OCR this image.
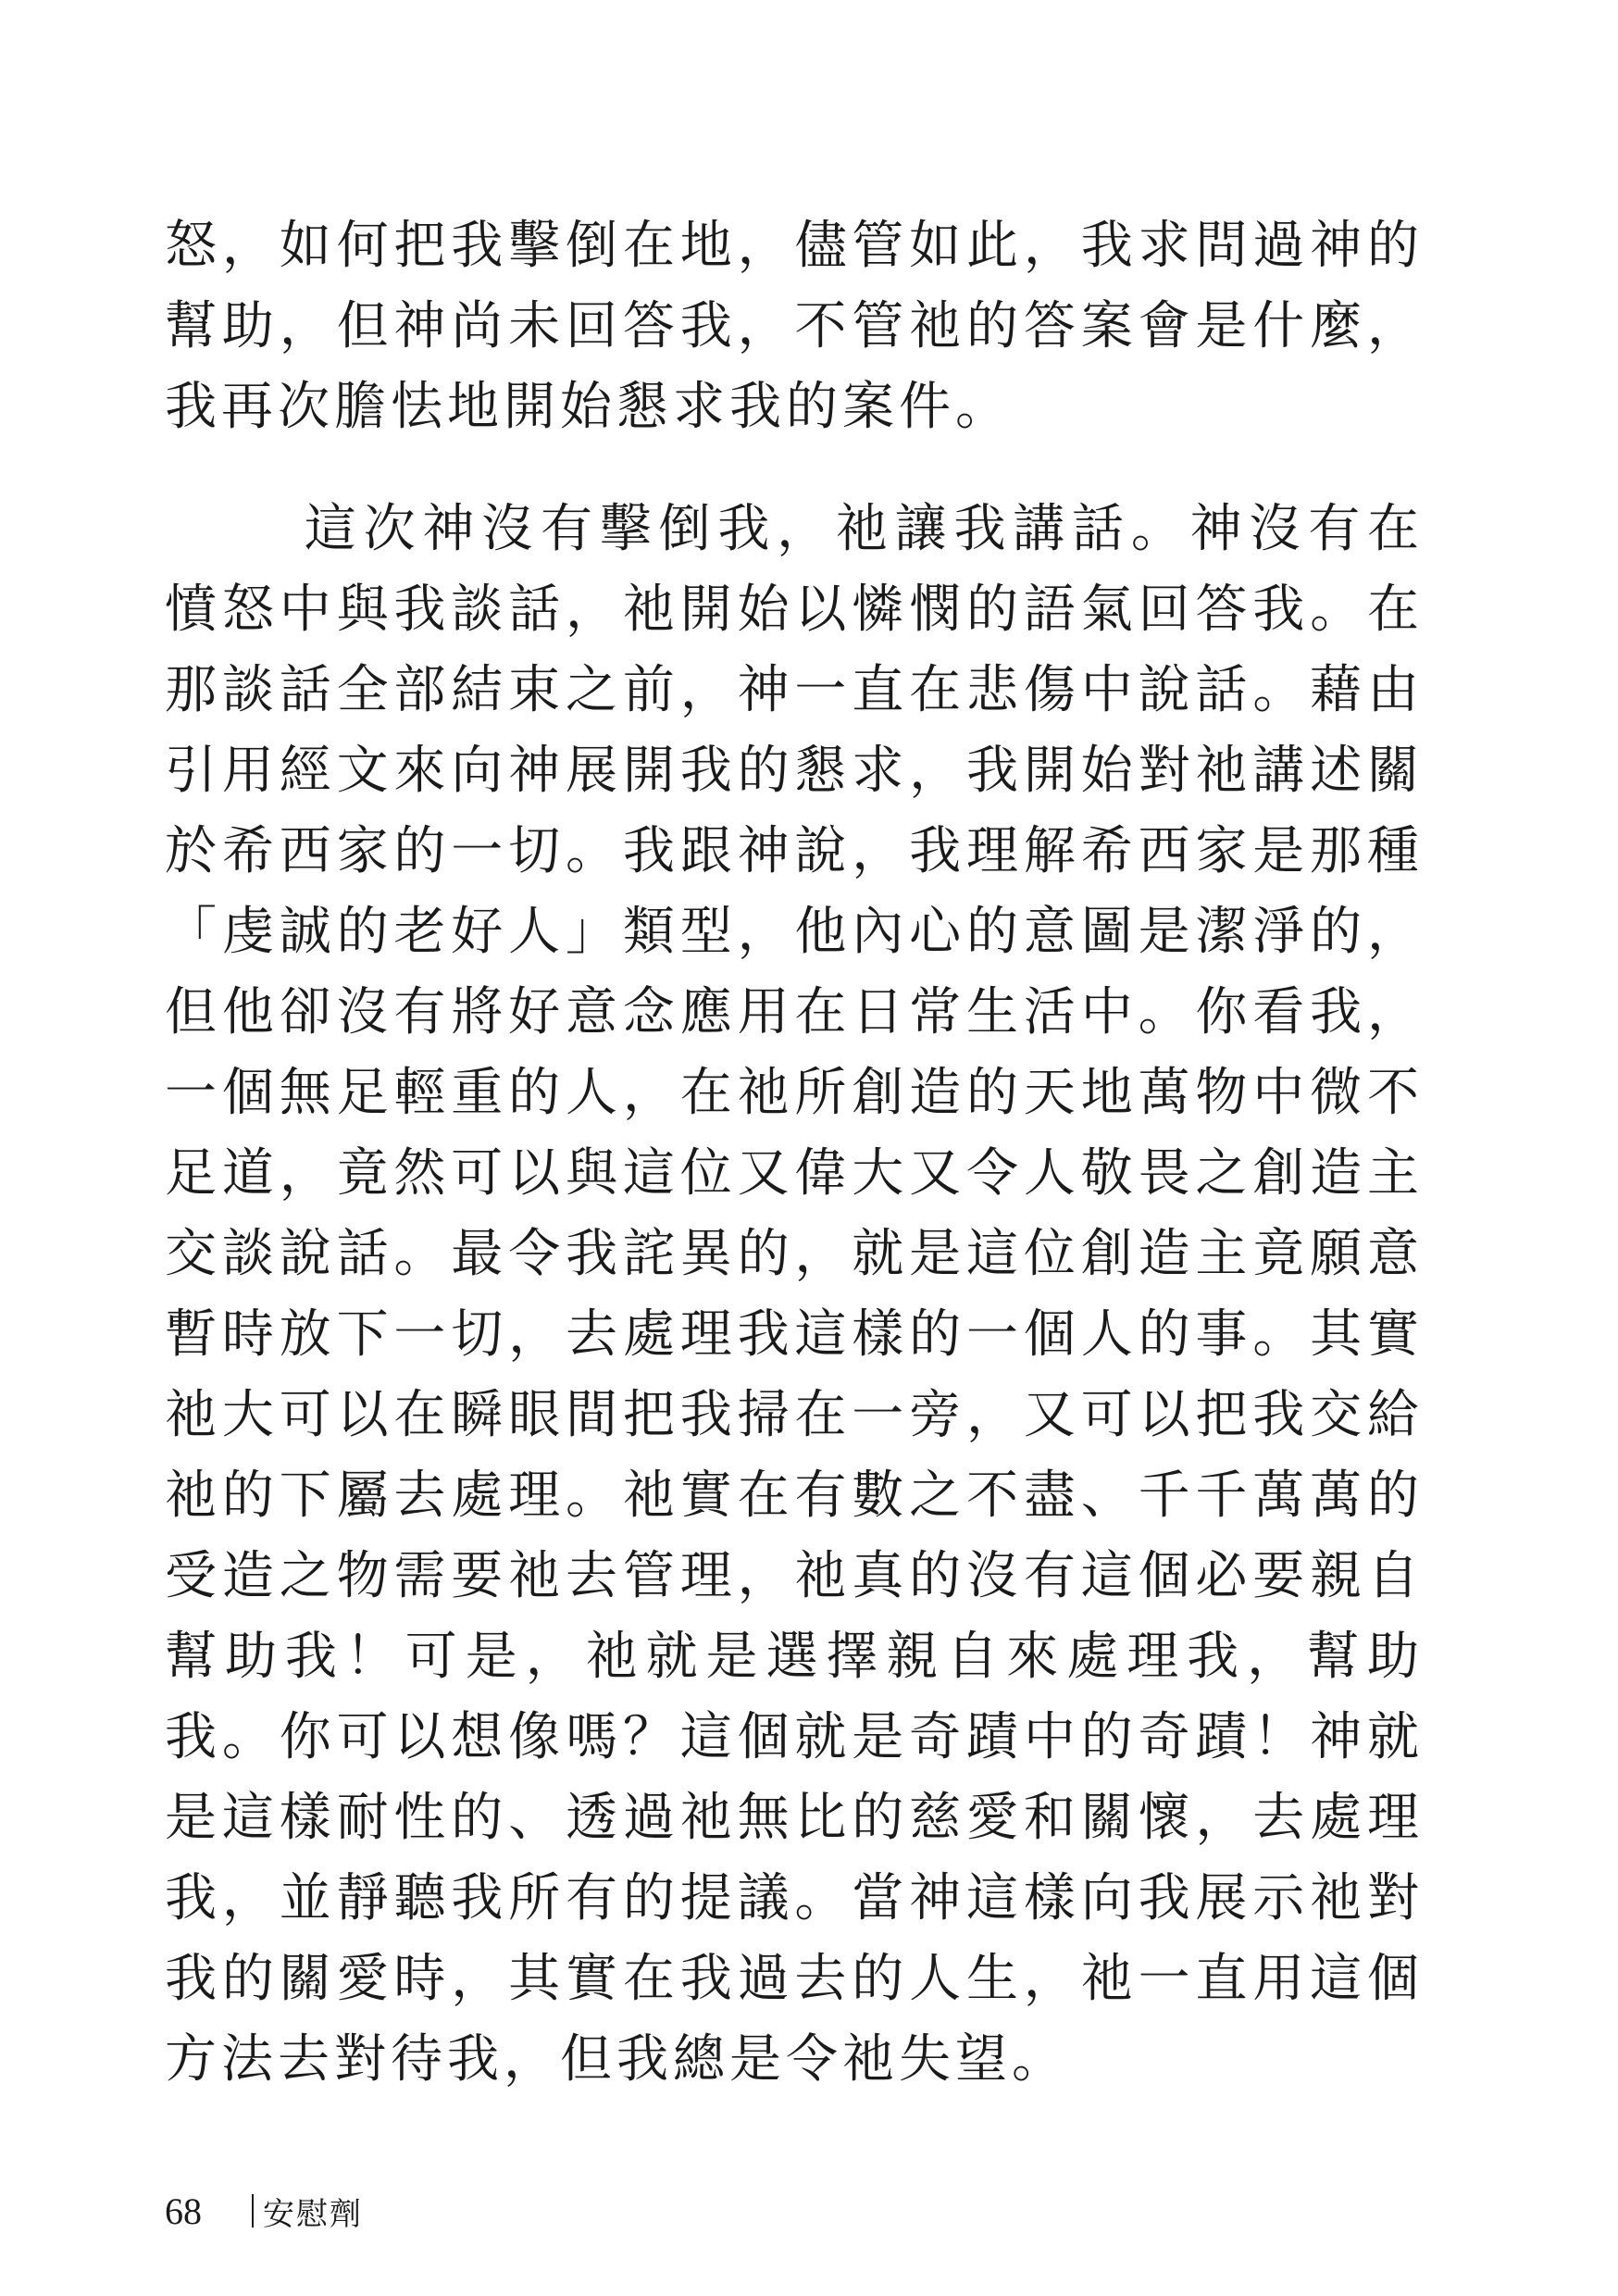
怒，如何把我擊倒在地，儘管如此，我求問過神的幫助，但神尚未回答我，不管祂的答案會是什麼，我再次膽怯地開始懇求我的案件。

這次神沒有擊倒我，祂讓我講話。神沒有在憤怒中與我談話，祂開始以憐憫的語氣回答我。在那談話全部結束之前，神一直在悲傷中說話。藉由引用經文來向神展開我的懇求，我開始對祂講述關於希西家的一切。我跟神說，我理解希西家是那種「虔誠的老好人」類型，他內心的意圖是潔淨的，但他卻沒有將好意念應用在日常生活中。你看我，一個無足輕重的人，在祂所創造的天地萬物中微不足道，竟然可以與這位又偉大又令人敬畏之創造主交談說話。最令我詫異的，就是這位創造主竟願意暫時放下一切，去處理我這樣的一個人的事。其實祂大可以在瞬眼間把我掃在一旁，又可以把我交給祂的下屬去處理。祂實在有數之不盡、千千萬萬的受造之物需要祂去管理，祂真的沒有這個必要親自幫助我！可是，祂就是選擇親自來處理我，幫助我。你可以想像嗎？這個就是奇蹟中的奇蹟！神就是這樣耐性的、透過祂無比的慈愛和關懷，去處理我，並靜聽我所有的提議。當神這樣向我展示祂對我的關愛時，其實在我過去的人生，祂一直用這個方法去對待我，但我總是令祂失望。

68 安慰劑
